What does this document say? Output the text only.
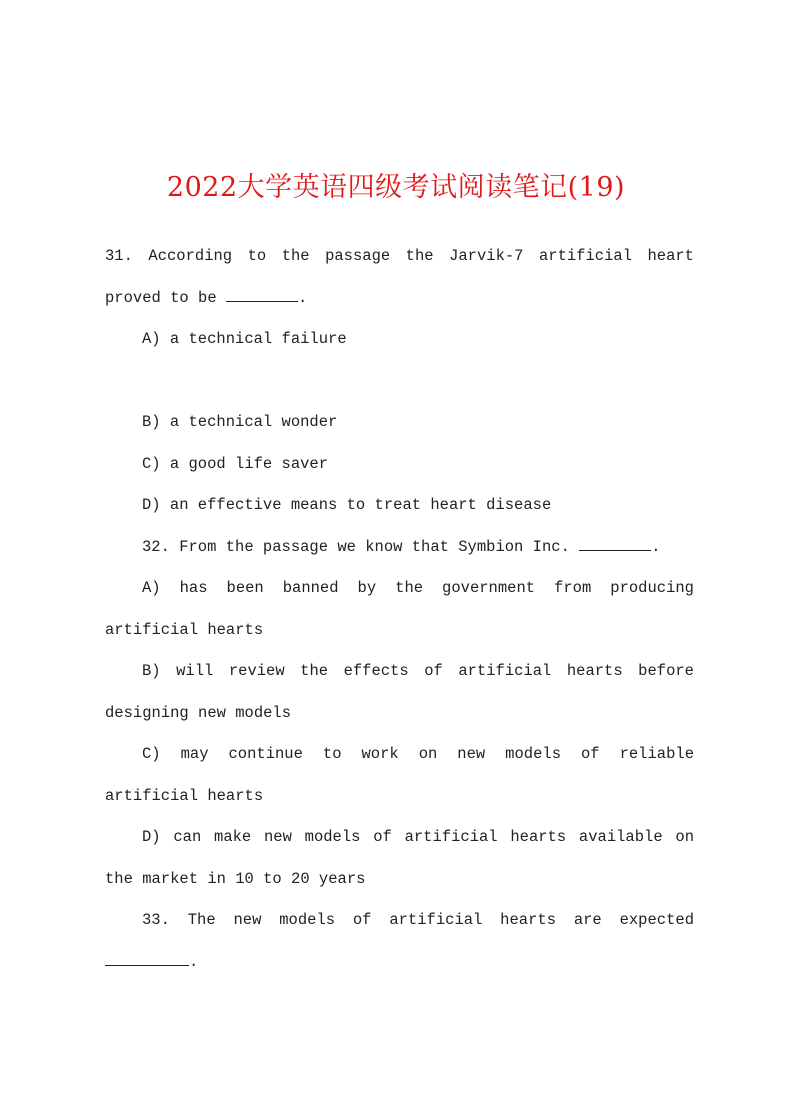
2022大学英语四级考试阅读笔记(19)

31. According to the passage the Jarvik-7 artificial heart proved to be	.

A) a technical failure

B) a technical wonder

C) a good life saver

D) an effective means to treat heart disease

32. From the passage we know that Symbion Inc.	.

A) has been banned by the government from producing artificial hearts

B) will review the effects of artificial hearts before designing new models

C) may continue to work on new models of reliable artificial hearts

D) can make new models of artificial hearts available on the market in 10 to 20 years

33. The new models of artificial hearts are expected .
